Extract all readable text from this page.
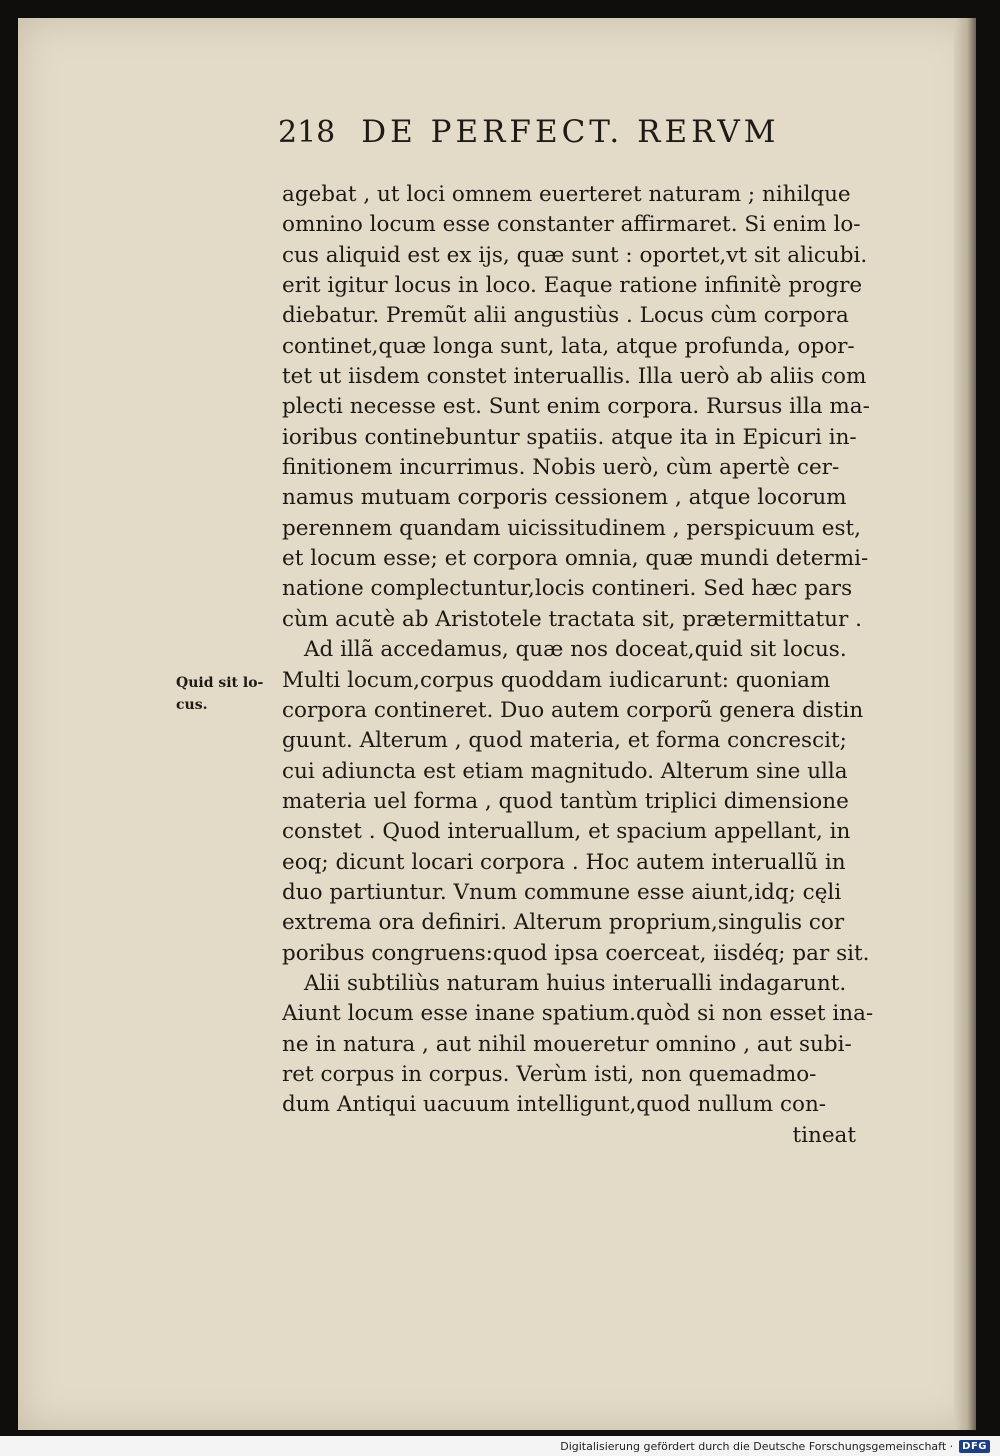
218 DE PERFECT. RERVM
agebat , ut loci omnem euerteret naturam ; nihilque
omnino locum esse constanter affirmaret. Si enim lo-
cus aliquid est ex ijs, quæ sunt : oportet,vt sit alicubi.
erit igitur locus in loco. Eaque ratione infinitè progre
diebatur. Premũt alii angustiùs . Locus cùm corpora
continet,quæ longa sunt, lata, atque profunda, opor-
tet ut iisdem constet interuallis. Illa uerò ab aliis com
plecti necesse est. Sunt enim corpora. Rursus illa ma-
ioribus continebuntur spatiis. atque ita in Epicuri in-
finitionem incurrimus. Nobis uerò, cùm apertè cer-
namus mutuam corporis cessionem , atque locorum
perennem quandam uicissitudinem , perspicuum est,
et locum esse; et corpora omnia, quæ mundi determi-
natione complectuntur,locis contineri. Sed hæc pars
cùm acutè ab Aristotele tractata sit, prætermittatur .
Ad illã accedamus, quæ nos doceat,quid sit locus.
Multi locum,corpus quoddam iudicarunt: quoniam
corpora contineret. Duo autem corporũ genera distin
guunt. Alterum , quod materia, et forma concrescit;
cui adiuncta est etiam magnitudo. Alterum sine ulla
materia uel forma , quod tantùm triplici dimensione
constet . Quod interuallum, et spacium appellant, in
eoq; dicunt locari corpora . Hoc autem interuallũ in
duo partiuntur. Vnum commune esse aiunt,idq; cęli
extrema ora definiri. Alterum proprium,singulis cor
poribus congruens:quod ipsa coerceat, iisdéq; par sit.
Alii subtiliùs naturam huius interualli indagarunt.
Aiunt locum esse inane spatium.quòd si non esset ina-
ne in natura , aut nihil moueretur omnino , aut subi-
ret corpus in corpus. Verùm isti, non quemadmo-
dum Antiqui uacuum intelligunt,quod nullum con-
tineat
Quid sit lo-
cus.
Digitalisierung gefördert durch die Deutsche Forschungsgemeinschaft · DFG
